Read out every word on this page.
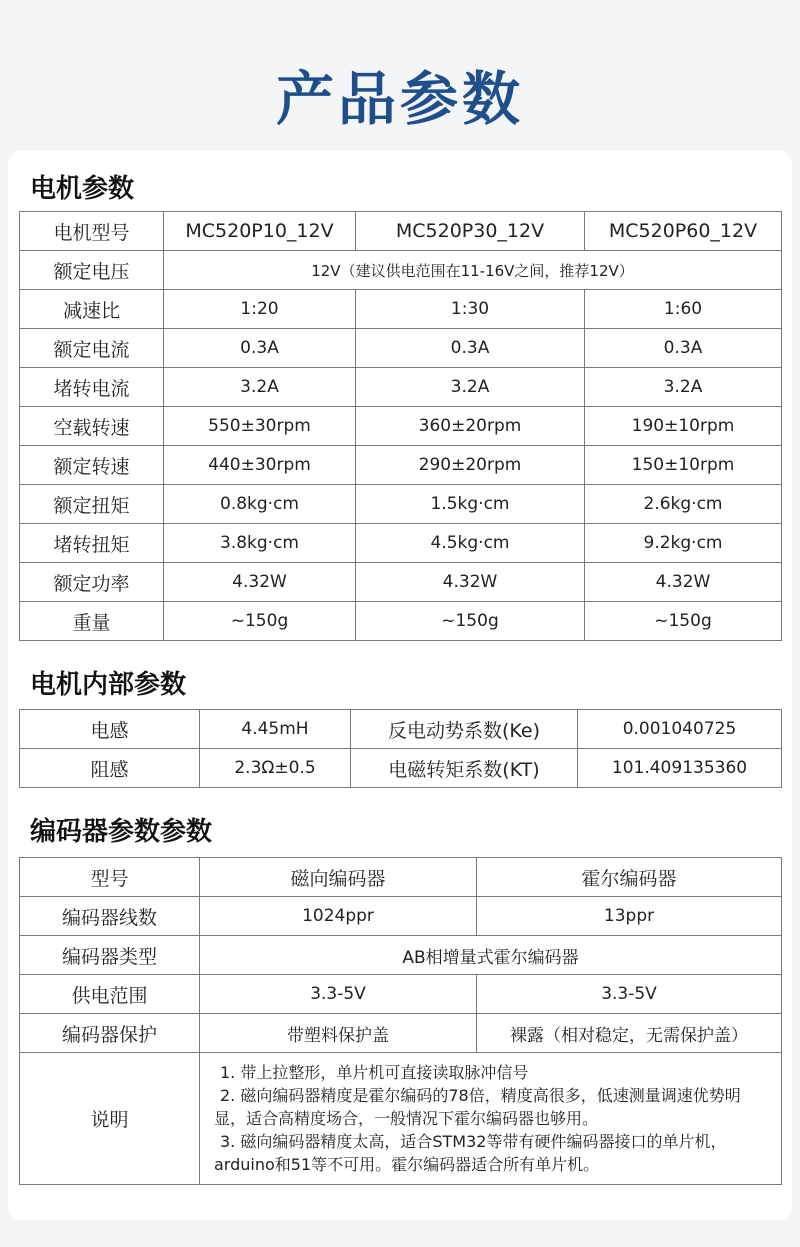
产品参数
电机参数
电机型号	MC520P10_12V	MC520P30_12V	MC520P60_12V
额定电压	12V（建议供电范围在11-16V之间，推荐12V）		
减速比	1:20	1:30	1:60
额定电流	0.3A	0.3A	0.3A
堵转电流	3.2A	3.2A	3.2A
空载转速	550±30rpm	360±20rpm	190±10rpm
额定转速	440±30rpm	290±20rpm	150±10rpm
额定扭矩	0.8kg·cm	1.5kg·cm	2.6kg·cm
堵转扭矩	3.8kg·cm	4.5kg·cm	9.2kg·cm
额定功率	4.32W	4.32W	4.32W
重量	~150g	~150g	~150g
电机内部参数
电感	4.45mH	反电动势系数(Ke)	0.001040725
阻感	2.3Ω±0.5	电磁转矩系数(KT)	101.409135360
编码器参数参数
型号	磁向编码器	霍尔编码器
编码器线数	1024ppr	13ppr
编码器类型	AB相增量式霍尔编码器	
供电范围	3.3-5V	3.3-5V
编码器保护	带塑料保护盖	裸露（相对稳定，无需保护盖）
说明	1. 带上拉整形，单片机可直接读取脉冲信号
2. 磁向编码器精度是霍尔编码的78倍，精度高很多，低速测量调速优势明显，适合高精度场合，一般情况下霍尔编码器也够用。
3. 磁向编码器精度太高，适合STM32等带有硬件编码器接口的单片机，arduino和51等不可用。霍尔编码器适合所有单片机。	
